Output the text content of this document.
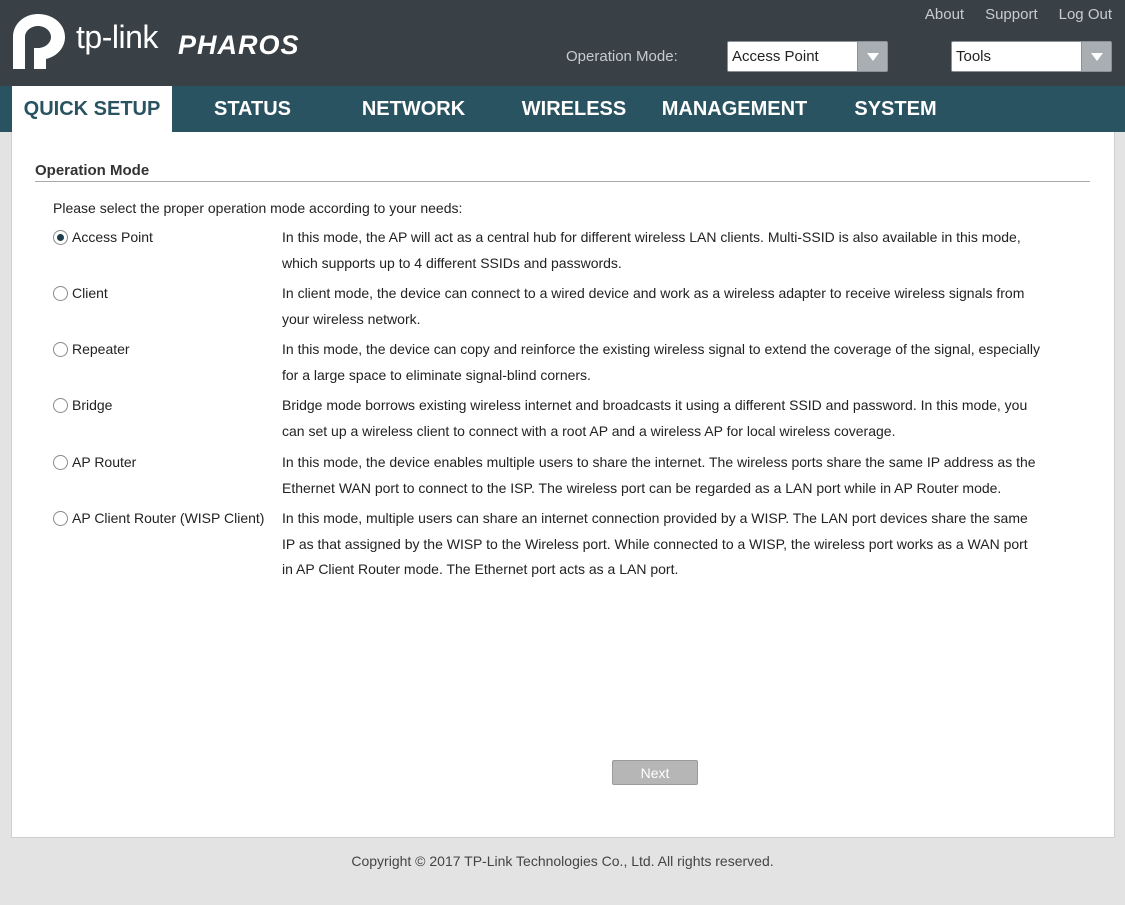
tp-link PHAROS
About Support Log Out
Operation Mode:	Access Point	Tools
QUICK SETUP	STATUS	NETWORK	WIRELESS	MANAGEMENT	SYSTEM
Operation Mode
Please select the proper operation mode according to your needs:
Access Point	In this mode, the AP will act as a central hub for different wireless LAN clients. Multi-SSID is also available in this mode, which supports up to 4 different SSIDs and passwords.
Client	In client mode, the device can connect to a wired device and work as a wireless adapter to receive wireless signals from your wireless network.
Repeater	In this mode, the device can copy and reinforce the existing wireless signal to extend the coverage of the signal, especially for a large space to eliminate signal-blind corners.
Bridge	Bridge mode borrows existing wireless internet and broadcasts it using a different SSID and password. In this mode, you can set up a wireless client to connect with a root AP and a wireless AP for local wireless coverage.
AP Router	In this mode, the device enables multiple users to share the internet. The wireless ports share the same IP address as the Ethernet WAN port to connect to the ISP. The wireless port can be regarded as a LAN port while in AP Router mode.
AP Client Router (WISP Client) In this mode, multiple users can share an internet connection provided by a WISP. The LAN port devices share the same IP as that assigned by the WISP to the Wireless port. While connected to a WISP, the wireless port works as a WAN port in AP Client Router mode. The Ethernet port acts as a LAN port.
Next
Copyright © 2017 TP-Link Technologies Co., Ltd. All rights reserved.
